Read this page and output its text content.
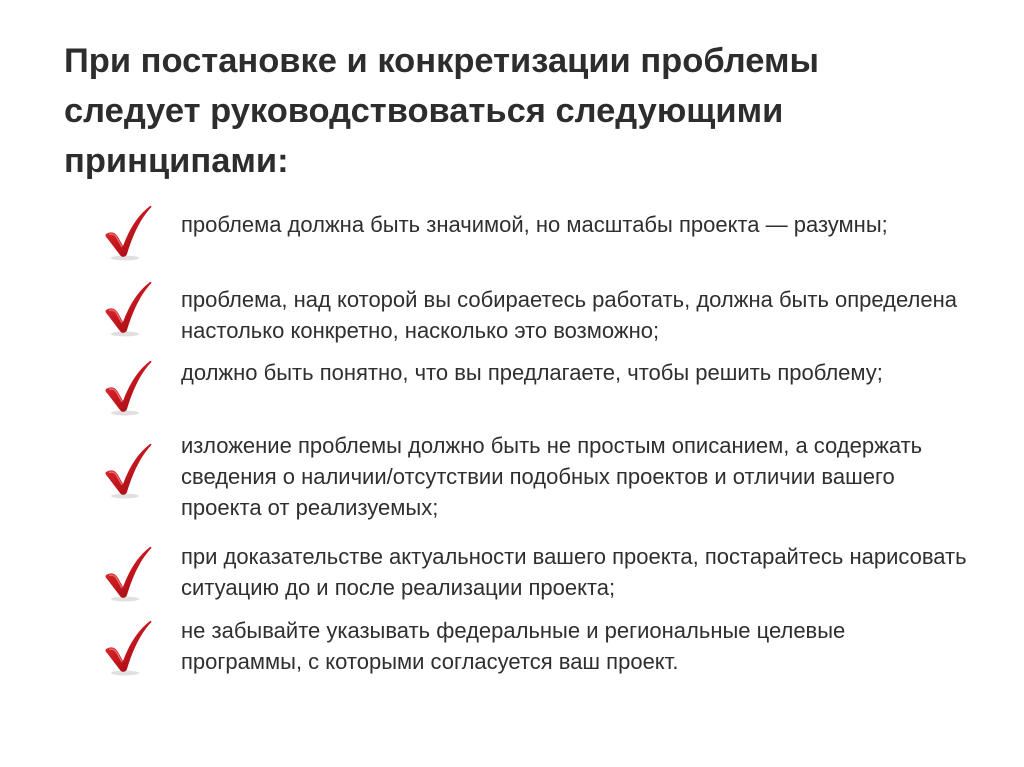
При постановке и конкретизации проблемы следует руководствоваться следующими принципами:
проблема должна быть значимой, но масштабы проекта — разумны;
проблема, над которой вы собираетесь работать, должна быть определена настолько конкретно, насколько это возможно;
должно быть понятно, что вы предлагаете, чтобы решить проблему;
изложение проблемы должно быть не простым описанием, а содержать сведения о наличии/отсутствии подобных проектов и отличии вашего проекта от реализуемых;
при доказательстве актуальности вашего проекта, постарайтесь нарисовать ситуацию до и после реализации проекта;
не забывайте указывать федеральные и региональные целевые программы, с которыми согласуется ваш проект.
